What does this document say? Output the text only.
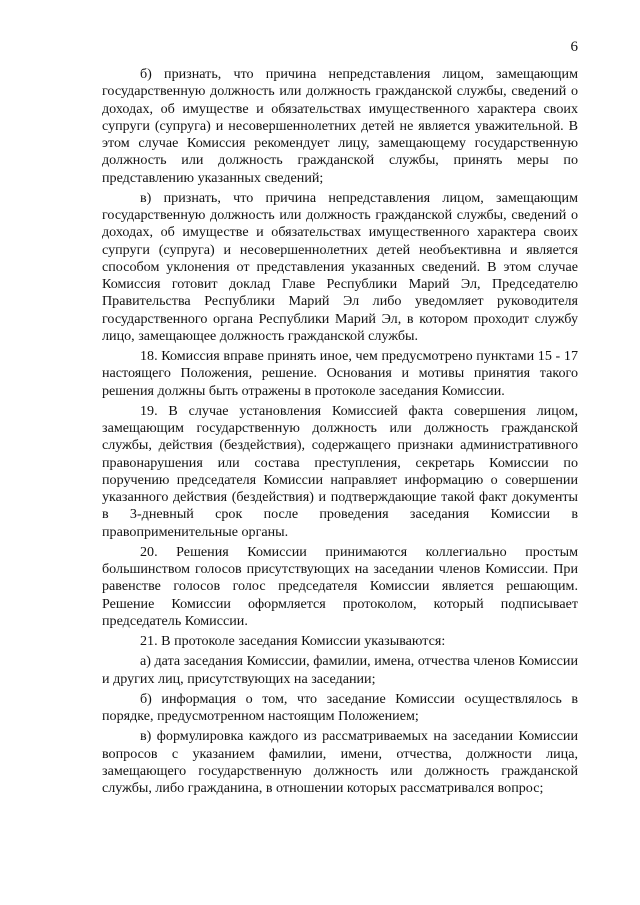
6

б) признать, что причина непредставления лицом, замещающим государственную должность или должность гражданской службы, сведений о доходах, об имуществе и обязательствах имущественного характера своих супруги (супруга) и несовершеннолетних детей не является уважительной. В этом случае Комиссия рекомендует лицу, замещающему государственную должность или должность гражданской службы, принять меры по представлению указанных сведений;

в) признать, что причина непредставления лицом, замещающим государственную должность или должность гражданской службы, сведений о доходах, об имуществе и обязательствах имущественного характера своих супруги (супруга) и несовершеннолетних детей необъективна и является способом уклонения от представления указанных сведений. В этом случае Комиссия готовит доклад Главе Республики Марий Эл, Председателю Правительства Республики Марий Эл либо уведомляет руководителя государственного органа Республики Марий Эл, в котором проходит службу лицо, замещающее должность гражданской службы.

18. Комиссия вправе принять иное, чем предусмотрено пунктами 15 - 17 настоящего Положения, решение. Основания и мотивы принятия такого решения должны быть отражены в протоколе заседания Комиссии.

19. В случае установления Комиссией факта совершения лицом, замещающим государственную должность или должность гражданской службы, действия (бездействия), содержащего признаки административного правонарушения или состава преступления, секретарь Комиссии по поручению председателя Комиссии направляет информацию о совершении указанного действия (бездействия) и подтверждающие такой факт документы в 3-дневный срок после проведения заседания Комиссии в правоприменительные органы.

20. Решения Комиссии принимаются коллегиально простым большинством голосов присутствующих на заседании членов Комиссии. При равенстве голосов голос председателя Комиссии является решающим. Решение Комиссии оформляется протоколом, который подписывает председатель Комиссии.

21. В протоколе заседания Комиссии указываются:

а) дата заседания Комиссии, фамилии, имена, отчества членов Комиссии и других лиц, присутствующих на заседании;

б) информация о том, что заседание Комиссии осуществлялось в порядке, предусмотренном настоящим Положением;

в) формулировка каждого из рассматриваемых на заседании Комиссии вопросов с указанием фамилии, имени, отчества, должности лица, замещающего государственную должность или должность гражданской службы, либо гражданина, в отношении которых рассматривался вопрос;
